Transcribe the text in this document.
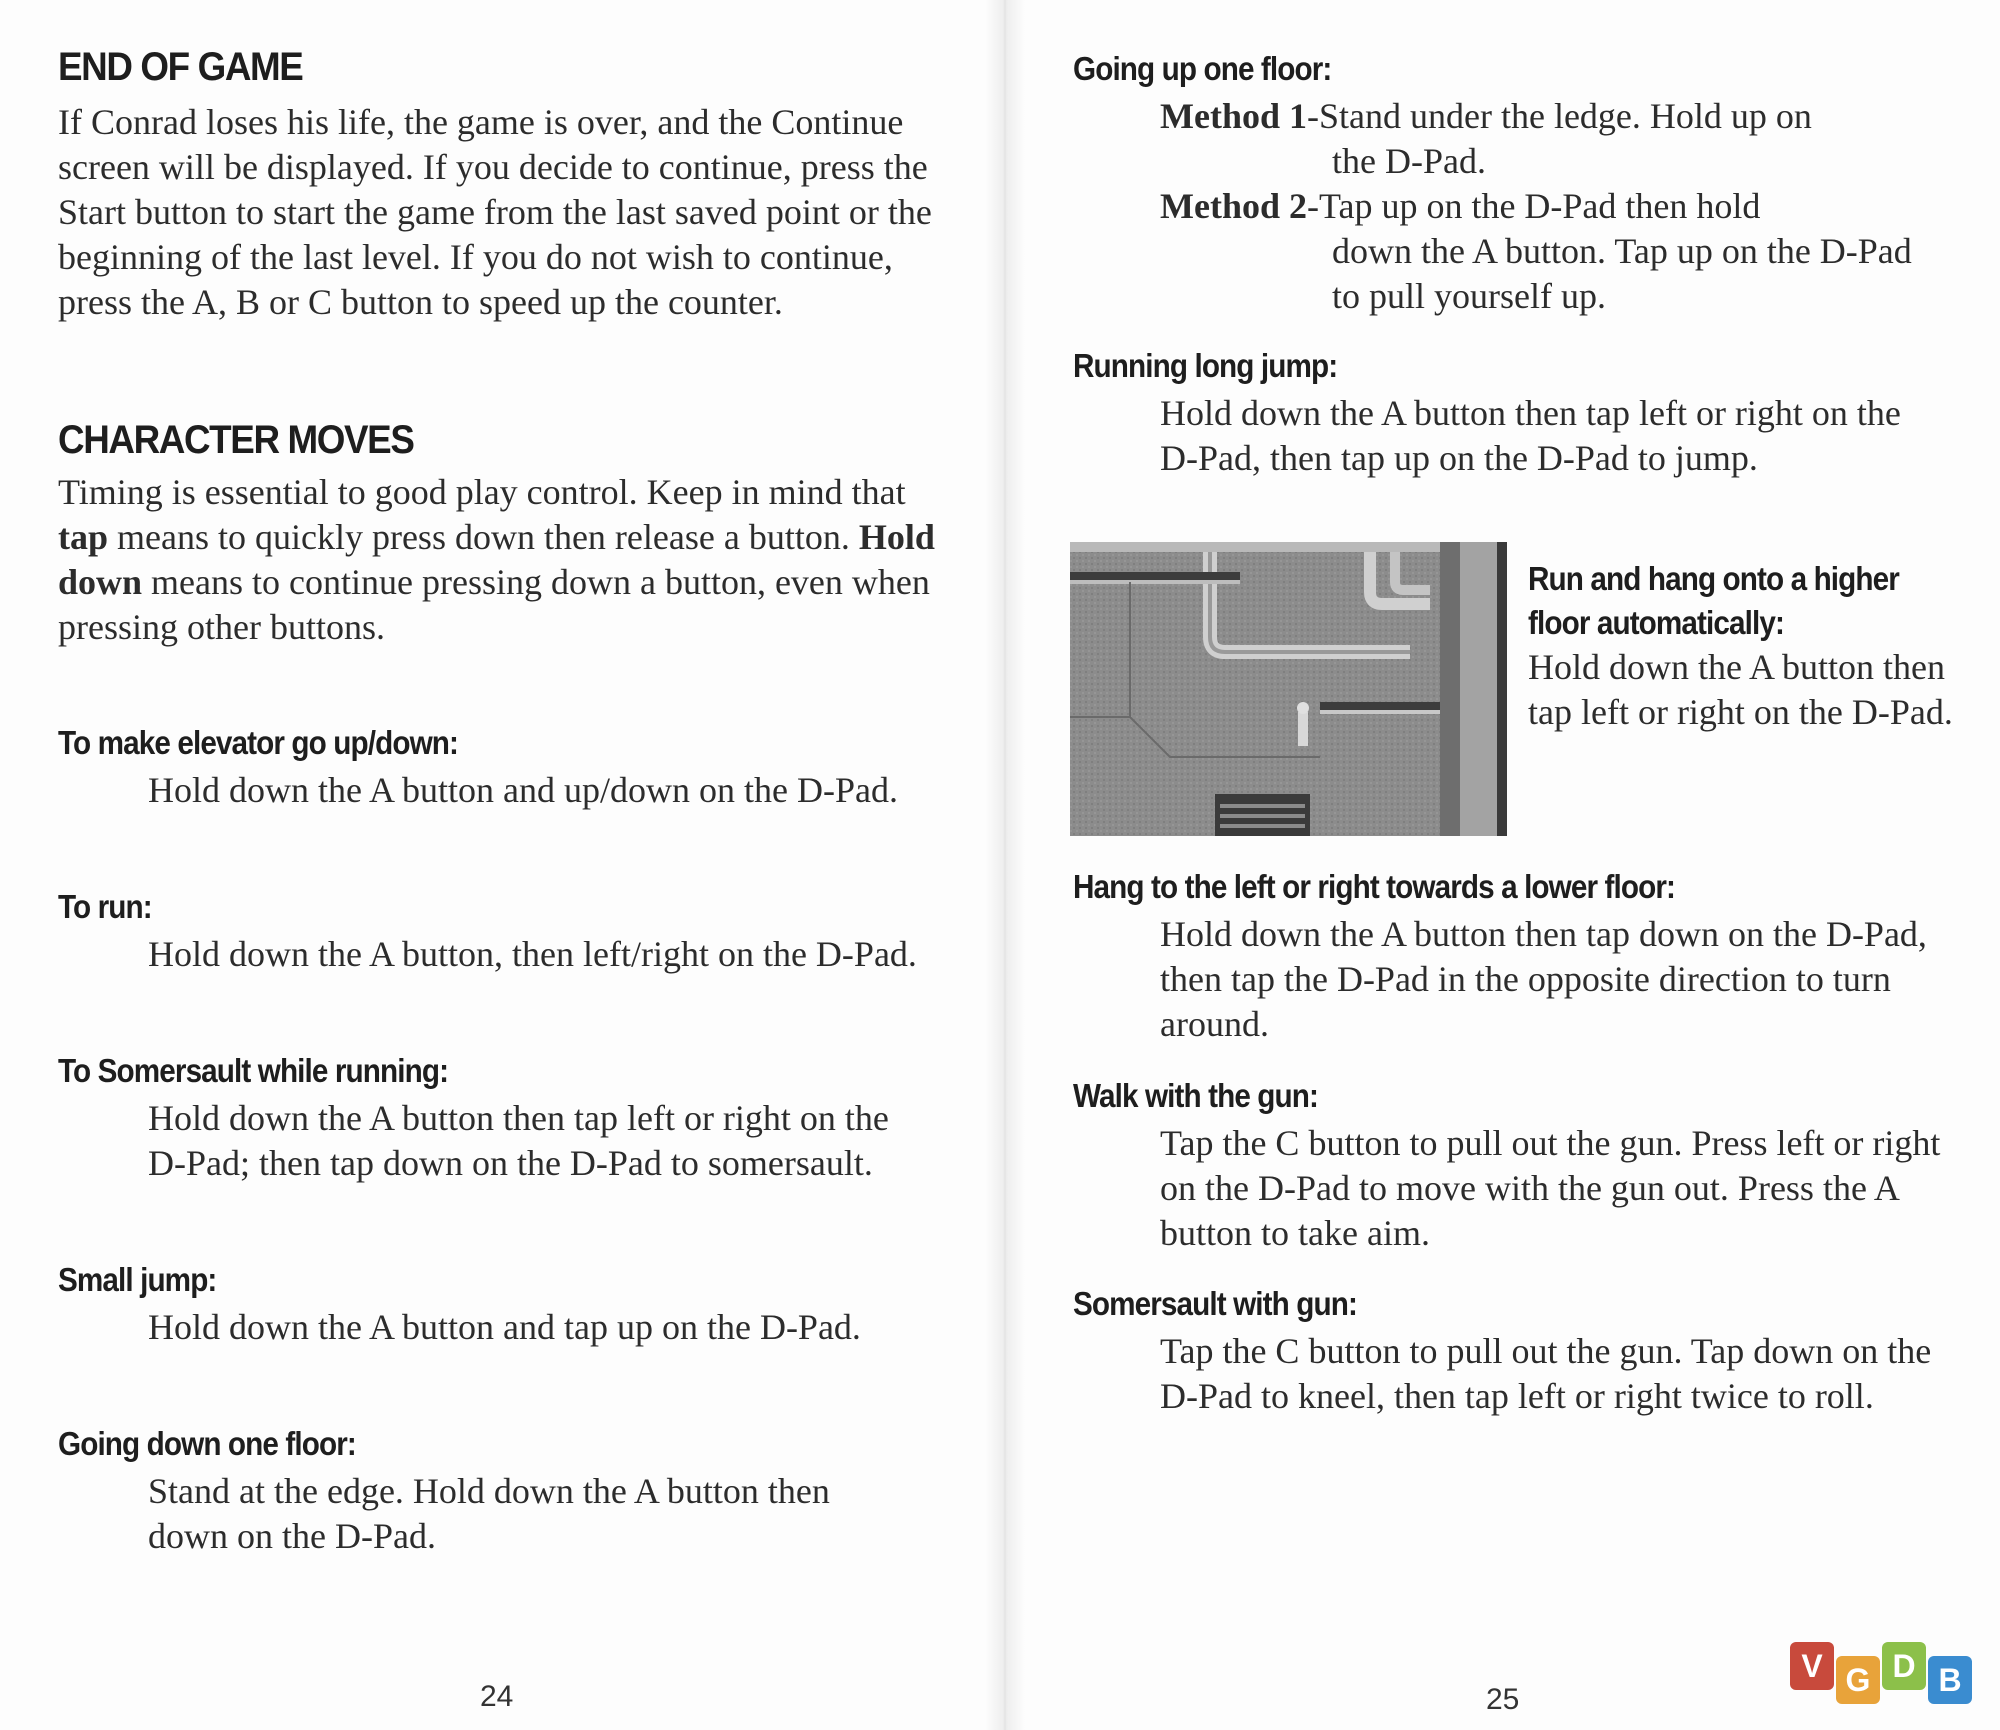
END OF GAME

If Conrad loses his life, the game is over, and the Continue screen will be displayed. If you decide to continue, press the Start button to start the game from the last saved point or the beginning of the last level. If you do not wish to continue, press the A, B or C button to speed up the counter.

CHARACTER MOVES

Timing is essential to good play control. Keep in mind that tap means to quickly press down then release a button. Hold down means to continue pressing down a button, even when pressing other buttons.

To make elevator go up/down:

Hold down the A button and up/down on the D-Pad.

To run:

Hold down the A button, then left/right on the D-Pad.

To Somersault while running:

Hold down the A button then tap left or right on the D-Pad; then tap down on the D-Pad to somersault.

Small jump:

Hold down the A button and tap up on the D-Pad.

Going down one floor:

Stand at the edge. Hold down the A button then down on the D-Pad.

24
Going up one floor:
Method 1-Stand under the ledge. Hold up on
the D-Pad.
Method 2-Tap up on the D-Pad then hold
down the A button. Tap up on the D-Pad to pull yourself up.
Running long jump:

Hold down the A button then tap left or right on the D-Pad, then tap up on the D-Pad to jump.

Run and hang onto a higher floor automatically:

Hold down the A button then tap left or right on the D-Pad.

Hang to the left or right towards a lower floor:

Hold down the A button then tap down on the D-Pad, then tap the D-Pad in the opposite direction to turn around.

Walk with the gun:

Tap the C button to pull out the gun. Press left or right on the D-Pad to move with the gun out. Press the A button to take aim.

Somersault with gun:

Tap the C button to pull out the gun. Tap down on the D-Pad to kneel, then tap left or right twice to roll.

25
V G D B
